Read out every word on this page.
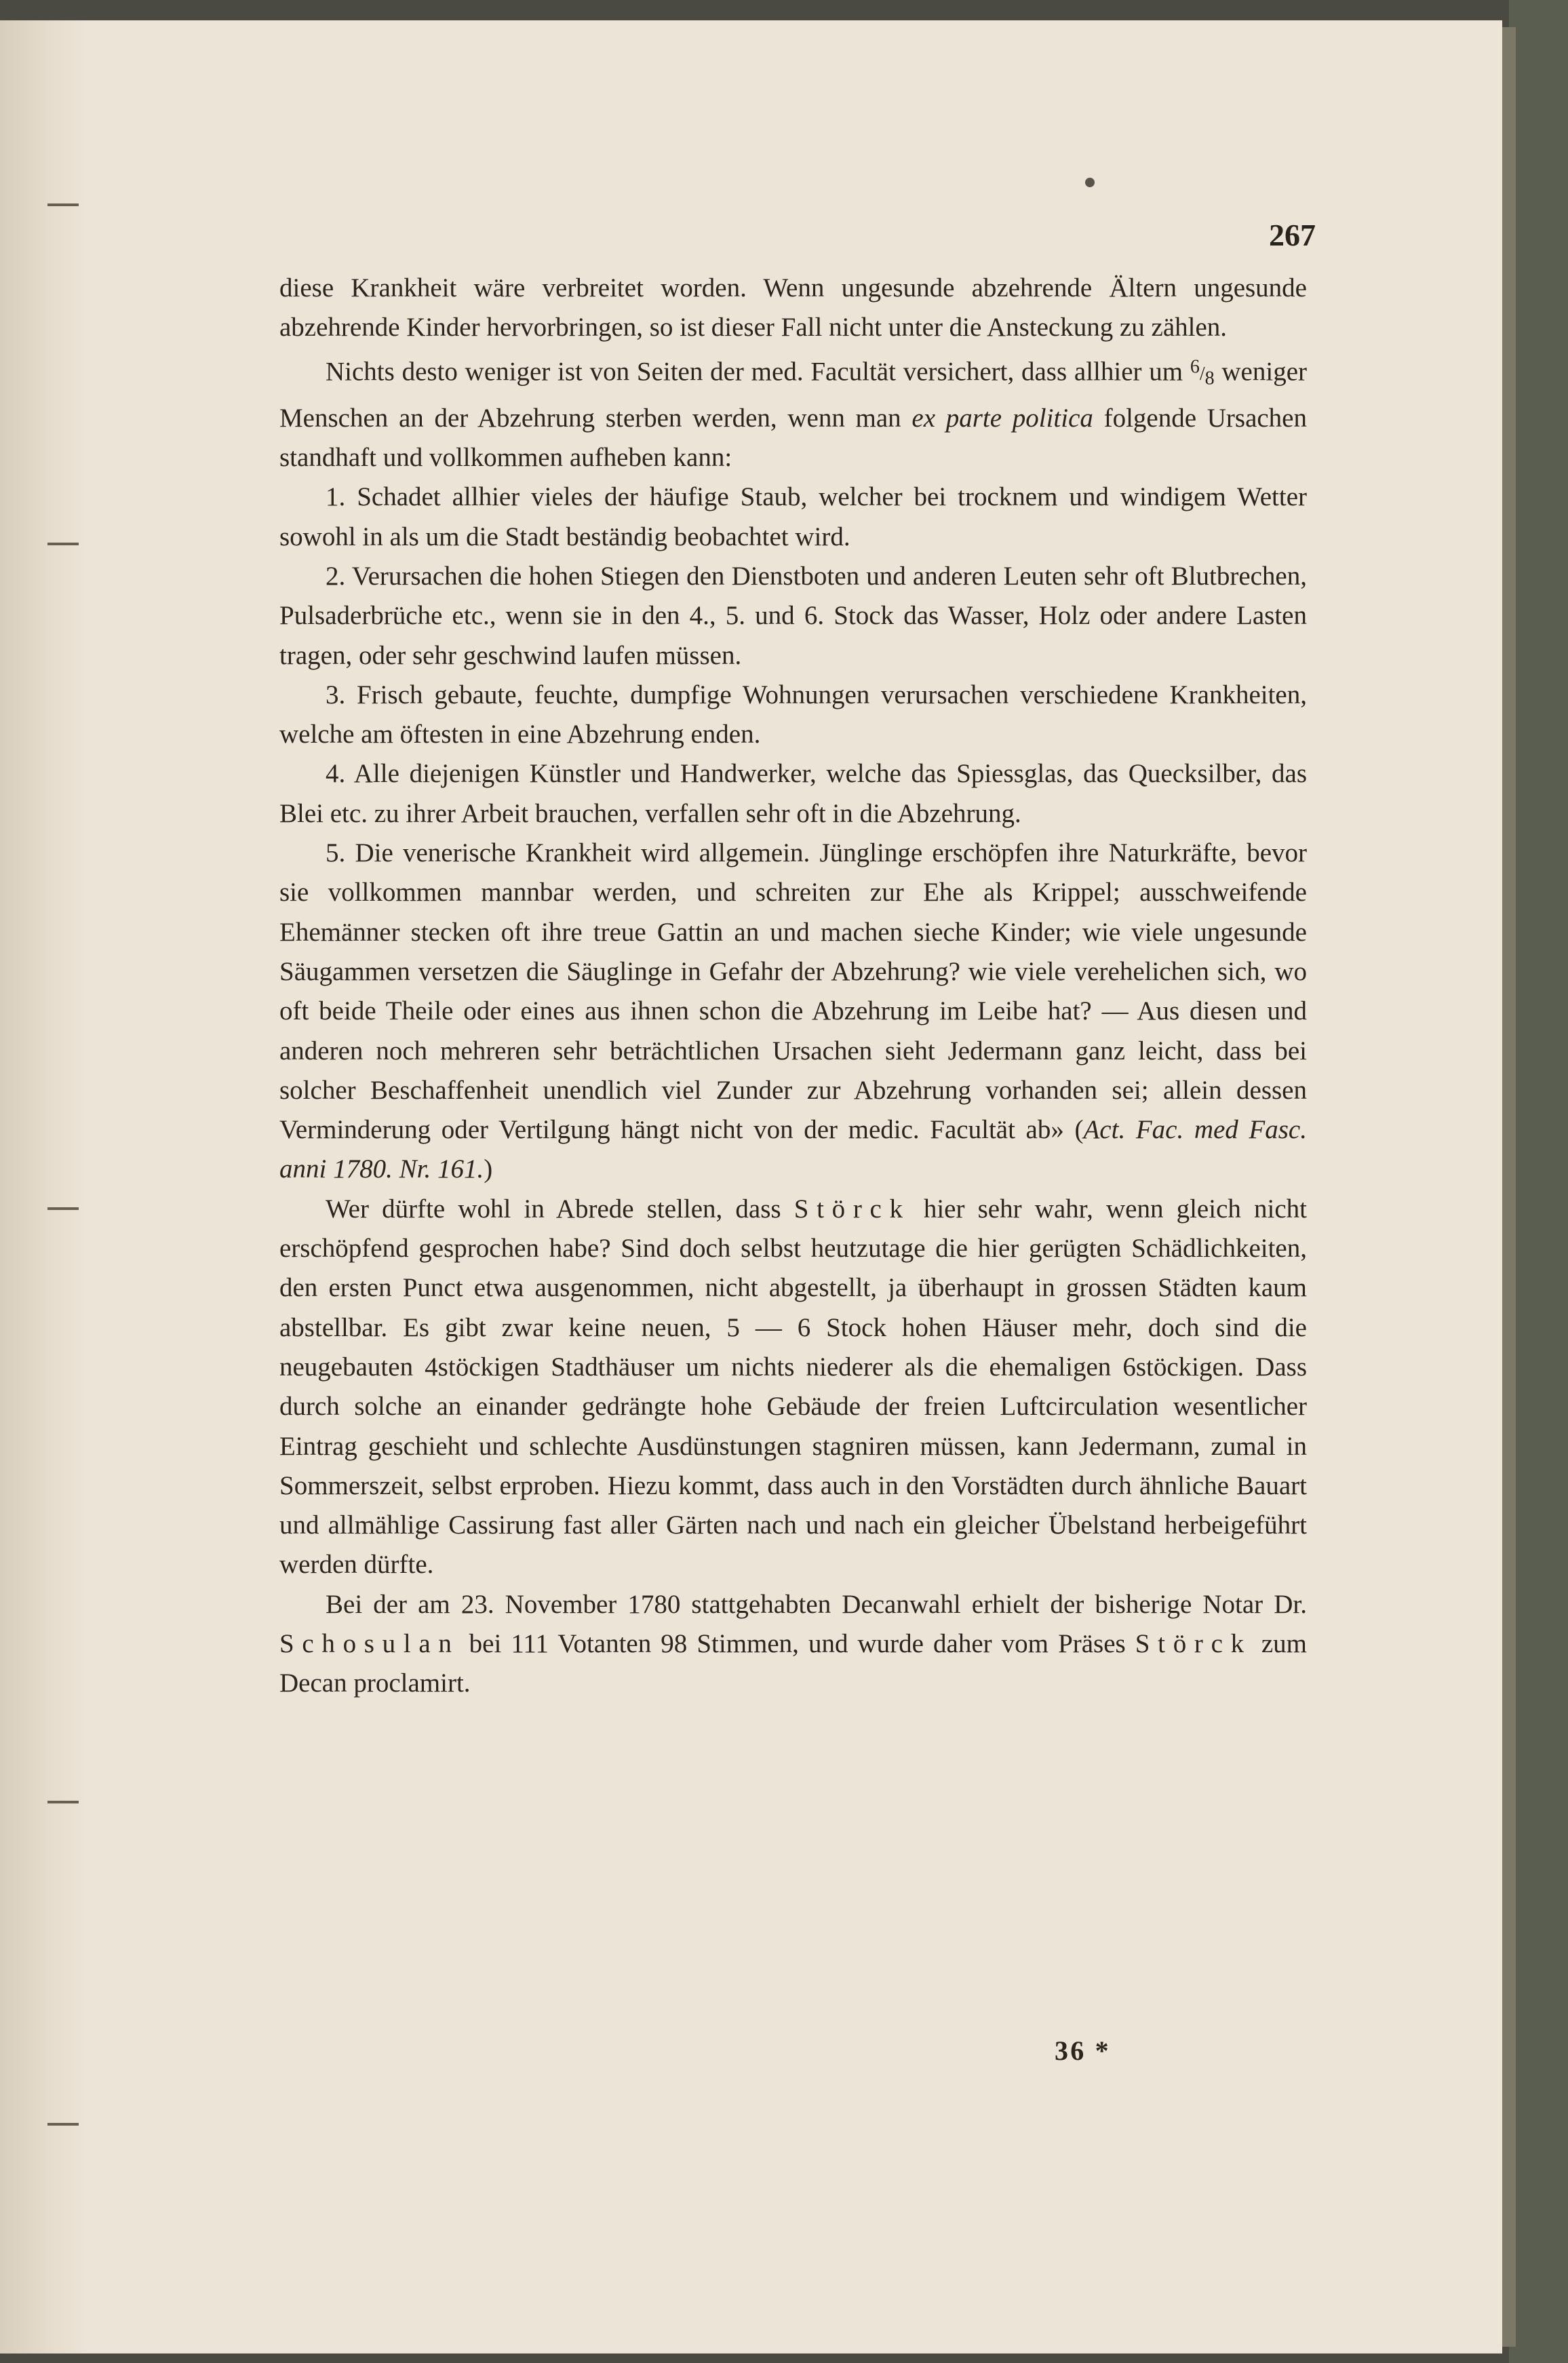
267

diese Krankheit wäre verbreitet worden. Wenn ungesunde abzehrende Ältern ungesunde abzehrende Kinder hervorbringen, so ist dieser Fall nicht unter die Ansteckung zu zählen.

Nichts desto weniger ist von Seiten der med. Facultät versichert, dass allhier um 6/8 weniger Menschen an der Abzehrung sterben werden, wenn man ex parte politica folgende Ursachen standhaft und vollkommen aufheben kann:

1. Schadet allhier vieles der häufige Staub, welcher bei trocknem und windigem Wetter sowohl in als um die Stadt beständig beobachtet wird.

2. Verursachen die hohen Stiegen den Dienstboten und anderen Leuten sehr oft Blutbrechen, Pulsaderbrüche etc., wenn sie in den 4., 5. und 6. Stock das Wasser, Holz oder andere Lasten tragen, oder sehr geschwind laufen müssen.

3. Frisch gebaute, feuchte, dumpfige Wohnungen verursachen verschiedene Krankheiten, welche am öftesten in eine Abzehrung enden.

4. Alle diejenigen Künstler und Handwerker, welche das Spiessglas, das Quecksilber, das Blei etc. zu ihrer Arbeit brauchen, verfallen sehr oft in die Abzehrung.

5. Die venerische Krankheit wird allgemein. Jünglinge erschöpfen ihre Naturkräfte, bevor sie vollkommen mannbar werden, und schreiten zur Ehe als Krippel; ausschweifende Ehemänner stecken oft ihre treue Gattin an und machen sieche Kinder; wie viele ungesunde Säugammen versetzen die Säuglinge in Gefahr der Abzehrung? wie viele verehelichen sich, wo oft beide Theile oder eines aus ihnen schon die Abzehrung im Leibe hat? — Aus diesen und anderen noch mehreren sehr beträchtlichen Ursachen sieht Jedermann ganz leicht, dass bei solcher Beschaffenheit unendlich viel Zunder zur Abzehrung vorhanden sei; allein dessen Verminderung oder Vertilgung hängt nicht von der medic. Facultät ab» (Act. Fac. med Fasc. anni 1780. Nr. 161.)

Wer dürfte wohl in Abrede stellen, dass Störck hier sehr wahr, wenn gleich nicht erschöpfend gesprochen habe? Sind doch selbst heutzutage die hier gerügten Schädlichkeiten, den ersten Punct etwa ausgenommen, nicht abgestellt, ja überhaupt in grossen Städten kaum abstellbar. Es gibt zwar keine neuen, 5 — 6 Stock hohen Häuser mehr, doch sind die neugebauten 4stöckigen Stadthäuser um nichts niederer als die ehemaligen 6stöckigen. Dass durch solche an einander gedrängte hohe Gebäude der freien Luftcirculation wesentlicher Eintrag geschieht und schlechte Ausdünstungen stagniren müssen, kann Jedermann, zumal in Sommerszeit, selbst erproben. Hiezu kommt, dass auch in den Vorstädten durch ähnliche Bauart und allmählige Cassirung fast aller Gärten nach und nach ein gleicher Übelstand herbeigeführt werden dürfte.

Bei der am 23. November 1780 stattgehabten Decanwahl erhielt der bisherige Notar Dr. Schosulan bei 111 Votanten 98 Stimmen, und wurde daher vom Präses Störck zum Decan proclamirt.

36 *
